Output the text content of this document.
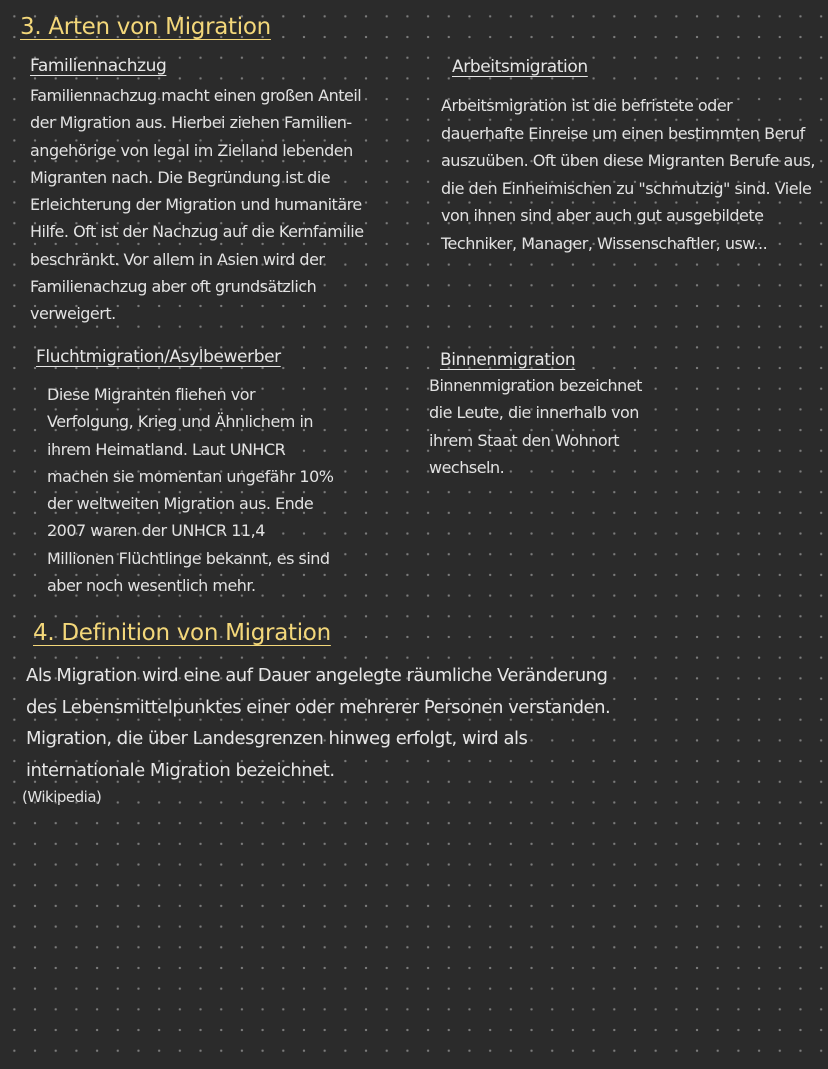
3. Arten von Migration
Familiennachzug
Familiennachzug macht einen großen Anteil
der Migration aus. Hierbei ziehen Familien-
angehörige von legal im Zielland lebenden
Migranten nach. Die Begründung ist die
Erleichterung der Migration und humanitäre
Hilfe. Oft ist der Nachzug auf die Kernfamilie
beschränkt. Vor allem in Asien wird der
Familienachzug aber oft grundsätzlich
verweigert.
Arbeitsmigration
Arbeitsmigration ist die befristete oder
dauerhafte Einreise um einen bestimmten Beruf
auszuüben. Oft üben diese Migranten Berufe aus,
die den Einheimischen zu "schmutzig" sind. Viele
von ihnen sind aber auch gut ausgebildete
Techniker, Manager, Wissenschaftler, usw...
Fluchtmigration/Asylbewerber
Diese Migranten fliehen vor
Verfolgung, Krieg und Ähnlichem in
ihrem Heimatland. Laut UNHCR
machen sie momentan ungefähr 10%
der weltweiten Migration aus. Ende
2007 waren der UNHCR 11,4
Millionen Flüchtlinge bekannt, es sind
aber noch wesentlich mehr.
Binnenmigration
Binnenmigration bezeichnet
die Leute, die innerhalb von
ihrem Staat den Wohnort
wechseln.
4. Definition von Migration
Als Migration wird eine auf Dauer angelegte räumliche Veränderung
des Lebensmittelpunktes einer oder mehrerer Personen verstanden.
Migration, die über Landesgrenzen hinweg erfolgt, wird als
internationale Migration bezeichnet.
(Wikipedia)
